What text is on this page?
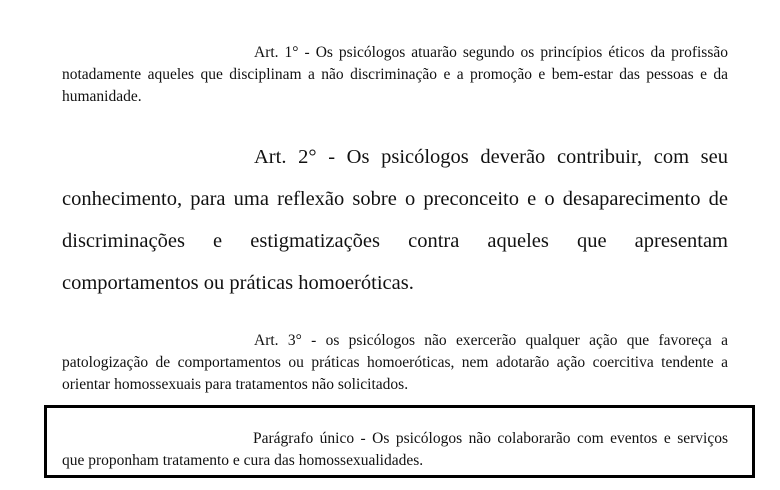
Art. 1° - Os psicólogos atuarão segundo os princípios éticos da profissão notadamente aqueles que disciplinam a não discriminação e a promoção e bem-estar das pessoas e da humanidade.

Art. 2° - Os psicólogos deverão contribuir, com seu conhecimento, para uma reflexão sobre o preconceito e o desaparecimento de discriminações e estigmatizações contra aqueles que apresentam comportamentos ou práticas homoeróticas.

Art. 3° - os psicólogos não exercerão qualquer ação que favoreça a patologização de comportamentos ou práticas homoeróticas, nem adotarão ação coercitiva tendente a orientar homossexuais para tratamentos não solicitados.

Parágrafo único - Os psicólogos não colaborarão com eventos e serviços que proponham tratamento e cura das homossexualidades.
